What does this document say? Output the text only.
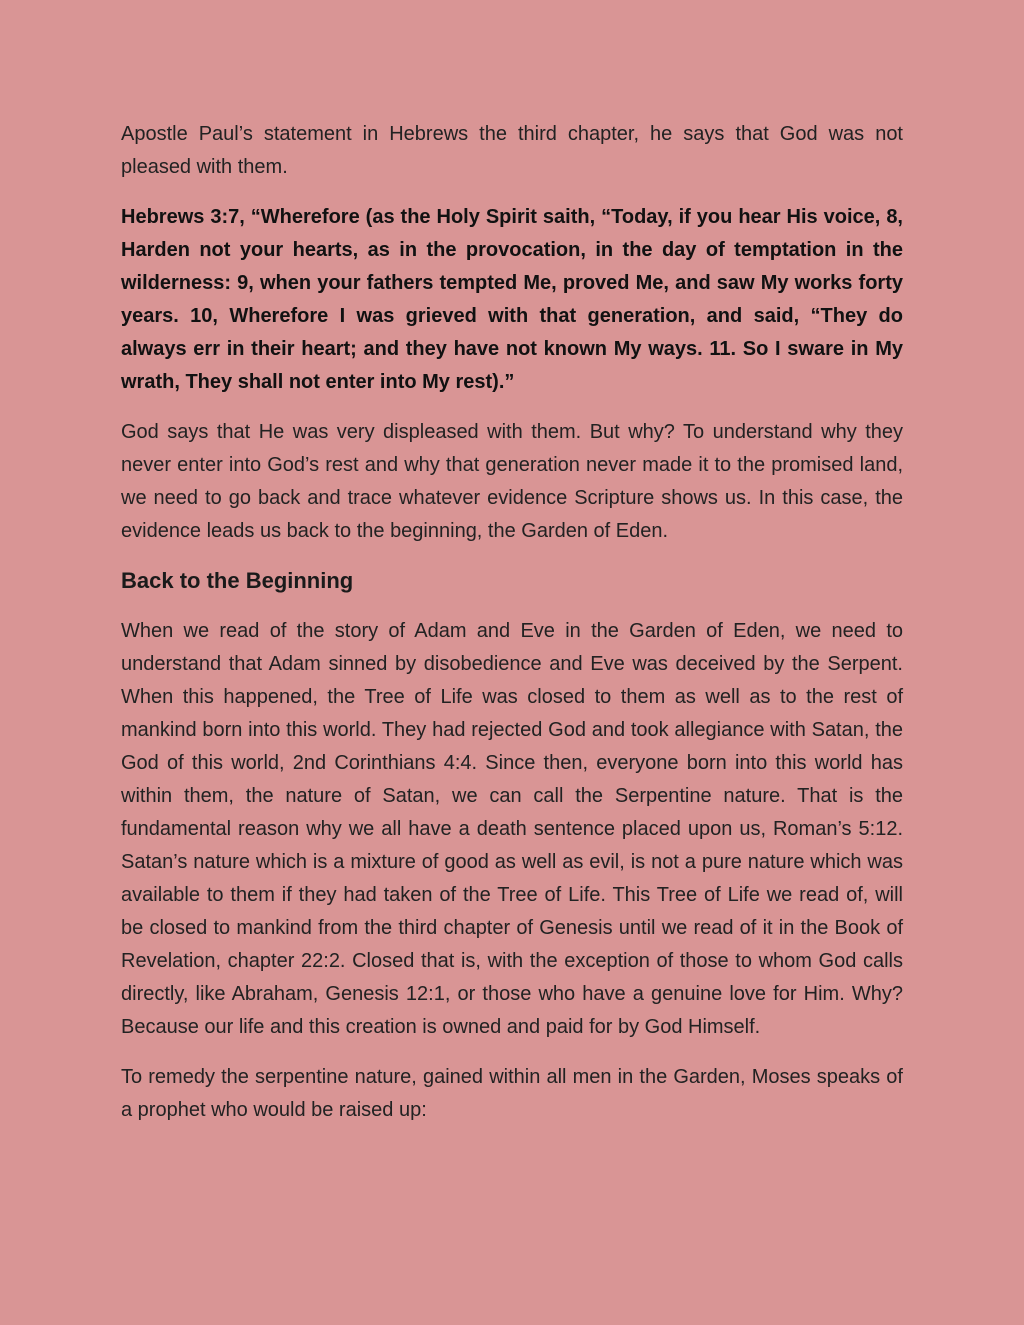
Apostle Paul’s statement in Hebrews the third chapter, he says that God was not pleased with them.

Hebrews 3:7, “Wherefore (as the Holy Spirit saith, “Today, if you hear His voice, 8, Harden not your hearts, as in the provocation, in the day of temptation in the wilderness: 9, when your fathers tempted Me, proved Me, and saw My works forty years. 10, Wherefore I was grieved with that generation, and said, “They do always err in their heart; and they have not known My ways. 11. So I sware in My wrath, They shall not enter into My rest).”

God says that He was very displeased with them. But why? To understand why they never enter into God’s rest and why that generation never made it to the promised land, we need to go back and trace whatever evidence Scripture shows us. In this case, the evidence leads us back to the beginning, the Garden of Eden.

Back to the Beginning

When we read of the story of Adam and Eve in the Garden of Eden, we need to understand that Adam sinned by disobedience and Eve was deceived by the Serpent. When this happened, the Tree of Life was closed to them as well as to the rest of mankind born into this world. They had rejected God and took allegiance with Satan, the God of this world, 2nd Corinthians 4:4. Since then, everyone born into this world has within them, the nature of Satan, we can call the Serpentine nature. That is the fundamental reason why we all have a death sentence placed upon us, Roman’s 5:12. Satan’s nature which is a mixture of good as well as evil, is not a pure nature which was available to them if they had taken of the Tree of Life. This Tree of Life we read of, will be closed to mankind from the third chapter of Genesis until we read of it in the Book of Revelation, chapter 22:2. Closed that is, with the exception of those to whom God calls directly, like Abraham, Genesis 12:1, or those who have a genuine love for Him. Why? Because our life and this creation is owned and paid for by God Himself.

To remedy the serpentine nature, gained within all men in the Garden, Moses speaks of a prophet who would be raised up:
